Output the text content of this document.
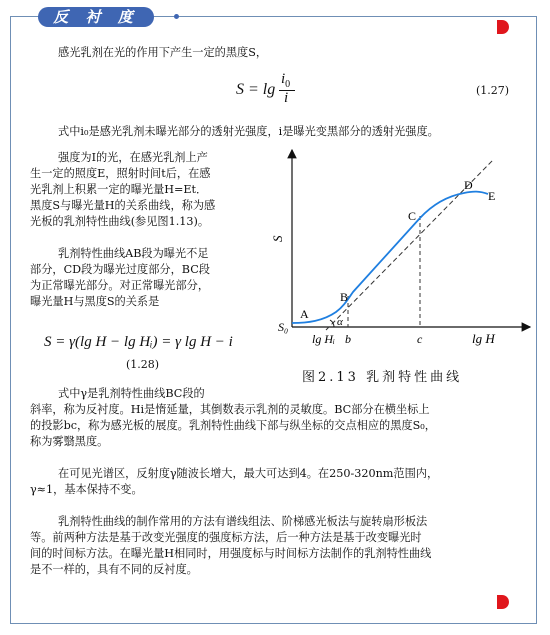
反 衬 度

感光乳剂在光的作用下产生一定的黑度S，

S = lg
$i_0$
i	(1.27)

式中i₀是感光乳剂未曝光部分的透射光强度，i是曝光变黑部分的透射光强度。

强度为I的光，在感光乳剂上产

生一定的照度E，照射时间t后，在感

光乳剂上积累一定的曝光量H=Et．

黑度S与曝光量H的关系曲线，称为感

光板的乳剂特性曲线(参见图1.13)。

乳剂特性曲线AB段为曝光不足

部分，CD段为曝光过度部分，BC段

为正常曝光部分。对正常曝光部分，

曝光量H与黑度S的关系是

S = γ(lg H − lg Hᵢ) = γ lg H − i
(1.28)

式中γ是乳剂特性曲线BC段的

斜率，称为反衬度。Hi是惰延量，其倒数表示乳剂的灵敏度。BC部分在横坐标上

的投影bc，称为感光板的展度。乳剂特性曲线下部与纵坐标的交点相应的黑度S₀，

称为雾翳黑度。

在可见光谱区，反射度γ随波长增大，最大可达到4。在250-320nm范围内，

γ≈1，基本保持不变。

乳剂特性曲线的制作常用的方法有谱线组法、阶梯感光板法与旋转扇形板法

等。前两种方法是基于改变光强度的强度标方法，后一种方法是基于改变曝光时

间的时间标方法。在曝光量H相同时，用强度标与时间标方法制作的乳剂特性曲线

是不一样的，具有不同的反衬度。

S
lg H
S₀
lg Hᵢ b	c
A
B
C
D
E
α
图2.13 乳剂特性曲线
